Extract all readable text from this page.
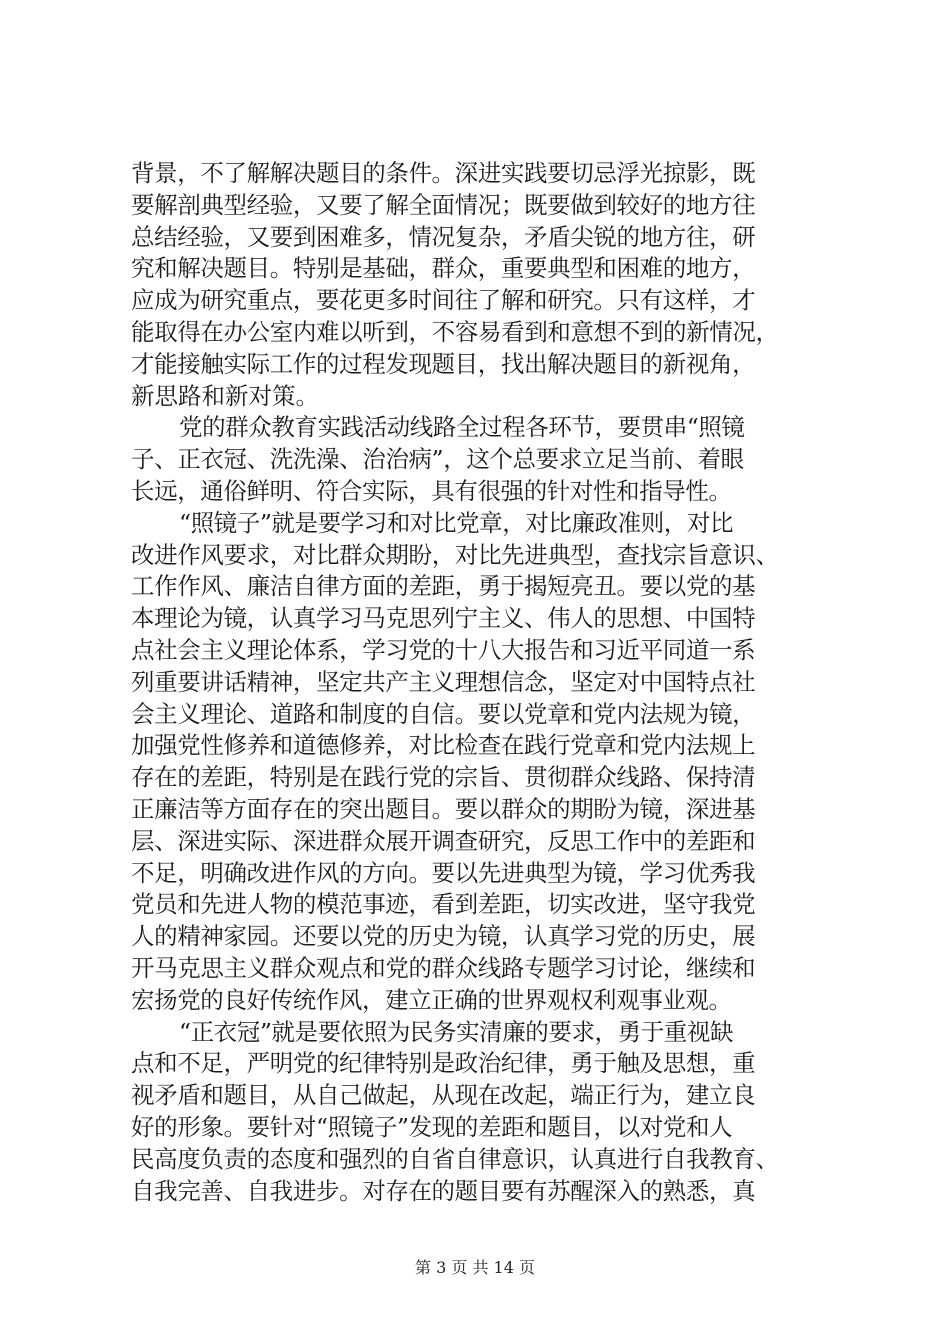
背景，不了解解决题目的条件。深进实践要切忌浮光掠影，既
要解剖典型经验，又要了解全面情况；既要做到较好的地方往
总结经验，又要到困难多，情况复杂，矛盾尖锐的地方往，研
究和解决题目。特别是基础，群众，重要典型和困难的地方，
应成为研究重点，要花更多时间往了解和研究。只有这样，才
能取得在办公室内难以听到，不容易看到和意想不到的新情况，
才能接触实际工作的过程发现题目，找出解决题目的新视角，
新思路和新对策。
党的群众教育实践活动线路全过程各环节，要贯串“照镜
子、正衣冠、洗洗澡、治治病”，这个总要求立足当前、着眼
长远，通俗鲜明、符合实际，具有很强的针对性和指导性。
“照镜子”就是要学习和对比党章，对比廉政准则，对比
改进作风要求，对比群众期盼，对比先进典型，查找宗旨意识、
工作作风、廉洁自律方面的差距，勇于揭短亮丑。要以党的基
本理论为镜，认真学习马克思列宁主义、伟人的思想、中国特
点社会主义理论体系，学习党的十八大报告和习近平同道一系
列重要讲话精神，坚定共产主义理想信念，坚定对中国特点社
会主义理论、道路和制度的自信。要以党章和党内法规为镜，
加强党性修养和道德修养，对比检查在践行党章和党内法规上
存在的差距，特别是在践行党的宗旨、贯彻群众线路、保持清
正廉洁等方面存在的突出题目。要以群众的期盼为镜，深进基
层、深进实际、深进群众展开调查研究，反思工作中的差距和
不足，明确改进作风的方向。要以先进典型为镜，学习优秀我
党员和先进人物的模范事迹，看到差距，切实改进，坚守我党
人的精神家园。还要以党的历史为镜，认真学习党的历史，展
开马克思主义群众观点和党的群众线路专题学习讨论，继续和
宏扬党的良好传统作风，建立正确的世界观权利观事业观。
“正衣冠”就是要依照为民务实清廉的要求，勇于重视缺
点和不足，严明党的纪律特别是政治纪律，勇于触及思想，重
视矛盾和题目，从自己做起，从现在改起，端正行为，建立良
好的形象。要针对“照镜子”发现的差距和题目，以对党和人
民高度负责的态度和强烈的自省自律意识，认真进行自我教育、
自我完善、自我进步。对存在的题目要有苏醒深入的熟悉，真
第 3 页 共 14 页
